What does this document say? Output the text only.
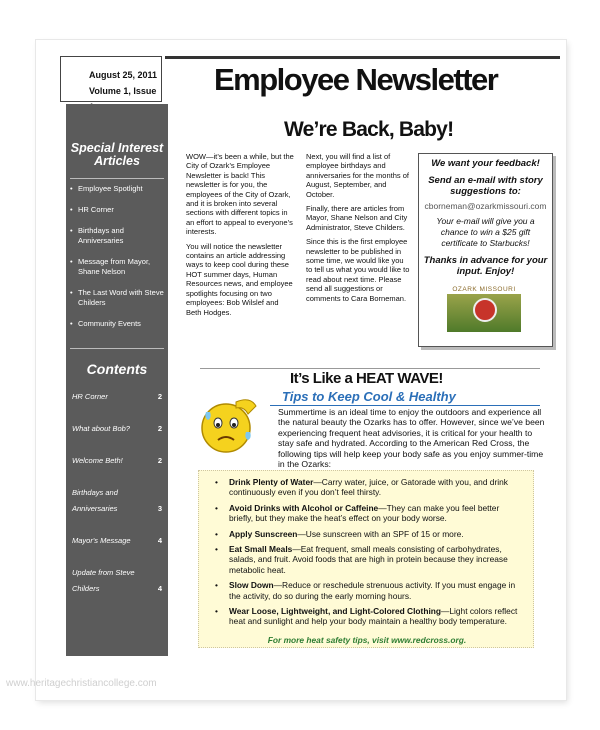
August 25, 2011
Volume 1, Issue Employee Newsletter
Special Interest Articles
• Employee Spotlight
• HR Corner
• Birthdays and Anniversaries
• Message from Mayor, Shane Nelson
• The Last Word with Steve Childers
• Community Events
Contents
HR Corner	2
What about Bob?	2
Welcome Beth!	2
Birthdays and Anniversaries	3
Mayor's Message	4
Update from Steve Childers	4
We’re Back, Baby!

WOW—it’s been a while, but the City of Ozark’s Employee Newsletter is back! This newsletter is for you, the employees of the City of Ozark, and it is broken into several sections with different topics in an effort to appeal to everyone’s interests.

You will notice the newsletter contains an article addressing ways to keep cool during these HOT summer days, Human Resources news, and employee spotlights focusing on two employees: Bob Wilslef and Beth Hodges.

Next, you will find a list of employee birthdays and anniversaries for the months of August, September, and October.

Finally, there are articles from Mayor, Shane Nelson and City Administrator, Steve Childers.

Since this is the first employee newsletter to be published in some time, we would like you to tell us what you would like to read about next time. Please send all suggestions or comments to Cara Borneman.

We want your feedback!
Send an e-mail with story suggestions to:
cborneman@ozarkmissouri.com
Your e-mail will give you a chance to win a $25 gift certificate to Starbucks!
Thanks in advance for your input. Enjoy!
OZARK MISSOURI
It’s Like a HEAT WAVE!
Tips to Keep Cool & Healthy
Summertime is an ideal time to enjoy the outdoors and experience all the natural beauty the Ozarks has to offer. However, since we’ve been experiencing frequent heat advisories, it is critical for your health to stay safe and hydrated. According to the American Red Cross, the following tips will help keep your body safe as you enjoy summer-time in the Ozarks:
• Drink Plenty of Water—Carry water, juice, or Gatorade with you, and drink continuously even if you don’t feel thirsty.
• Avoid Drinks with Alcohol or Caffeine—They can make you feel better briefly, but they make the heat’s effect on your body worse.
• Apply Sunscreen—Use sunscreen with an SPF of 15 or more.
• Eat Small Meals—Eat frequent, small meals consisting of carbohydrates, salads, and fruit. Avoid foods that are high in protein because they increase metabolic heat.
• Slow Down—Reduce or reschedule strenuous activity. If you must engage in the activity, do so during the early morning hours.
• Wear Loose, Lightweight, and Light-Colored Clothing—Light colors reflect heat and sunlight and help your body maintain a healthy body temperature.
For more heat safety tips, visit www.redcross.org.
www.heritagechristiancollege.com
